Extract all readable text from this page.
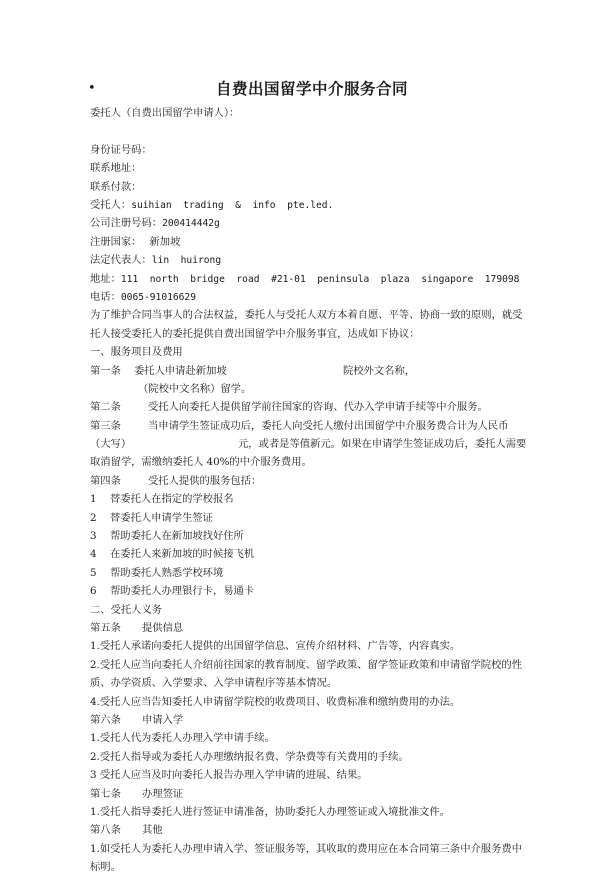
•	自费出国留学中介服务合同
委托人（自费出国留学申请人）：
身份证号码：
联系地址：
联系付款：
受托人：suihian  trading  &  info  pte.led.
公司注册号码：200414442g
注册国家： 新加坡
法定代表人：lin  huirong
地址：111  north  bridge  road  #21-01  peninsula  plaza  singapore  179098
电话：0065-91016629
为了维护合同当事人的合法权益，委托人与受托人双方本着自愿、平等、协商一致的原则，就受托人接受委托人的委托提供自费出国留学中介服务事宜，达成如下协议：
一、服务项目及费用
第一条 委托人申请赴新加坡	院校外文名称，
（院校中文名称）留学。
第二条	受托人向委托人提供留学前往国家的咨询、代办入学申请手续等中介服务。
第三条	当申请学生签证成功后，委托人向受托人缴付出国留学中介服务费合计为人民币
（大写）	元，或者是等值新元。如果在申请学生签证成功后，委托人需要取消留学，需缴纳委托人 40%的中介服务费用。
第四条	受托人提供的服务包括：
1 替委托人在指定的学校报名
2 替委托人申请学生签证
3 帮助委托人在新加坡找好住所
4 在委托人来新加坡的时候接飞机
5 帮助委托人熟悉学校环境
6 帮助委托人办理银行卡，易通卡
二、受托人义务
第五条 提供信息
1.受托人承诺向委托人提供的出国留学信息、宣传介绍材料、广告等，内容真实。
2.受托人应当向委托人介绍前往国家的教育制度、留学政策、留学签证政策和申请留学院校的性质、办学资质、入学要求、入学申请程序等基本情况。
4.受托人应当告知委托人申请留学院校的收费项目、收费标准和缴纳费用的办法。
第六条 申请入学
1.受托人代为委托人办理入学申请手续。
2.受托人指导或为委托人办理缴纳报名费、学杂费等有关费用的手续。
3 受托人应当及时向委托人报告办理入学申请的进展、结果。
第七条 办理签证
1.受托人指导委托人进行签证申请准备，协助委托人办理签证或入境批准文件。
第八条 其他
1.如受托人为委托人办理申请入学、签证服务等，其收取的费用应在本合同第三条中介服务费中标明。
